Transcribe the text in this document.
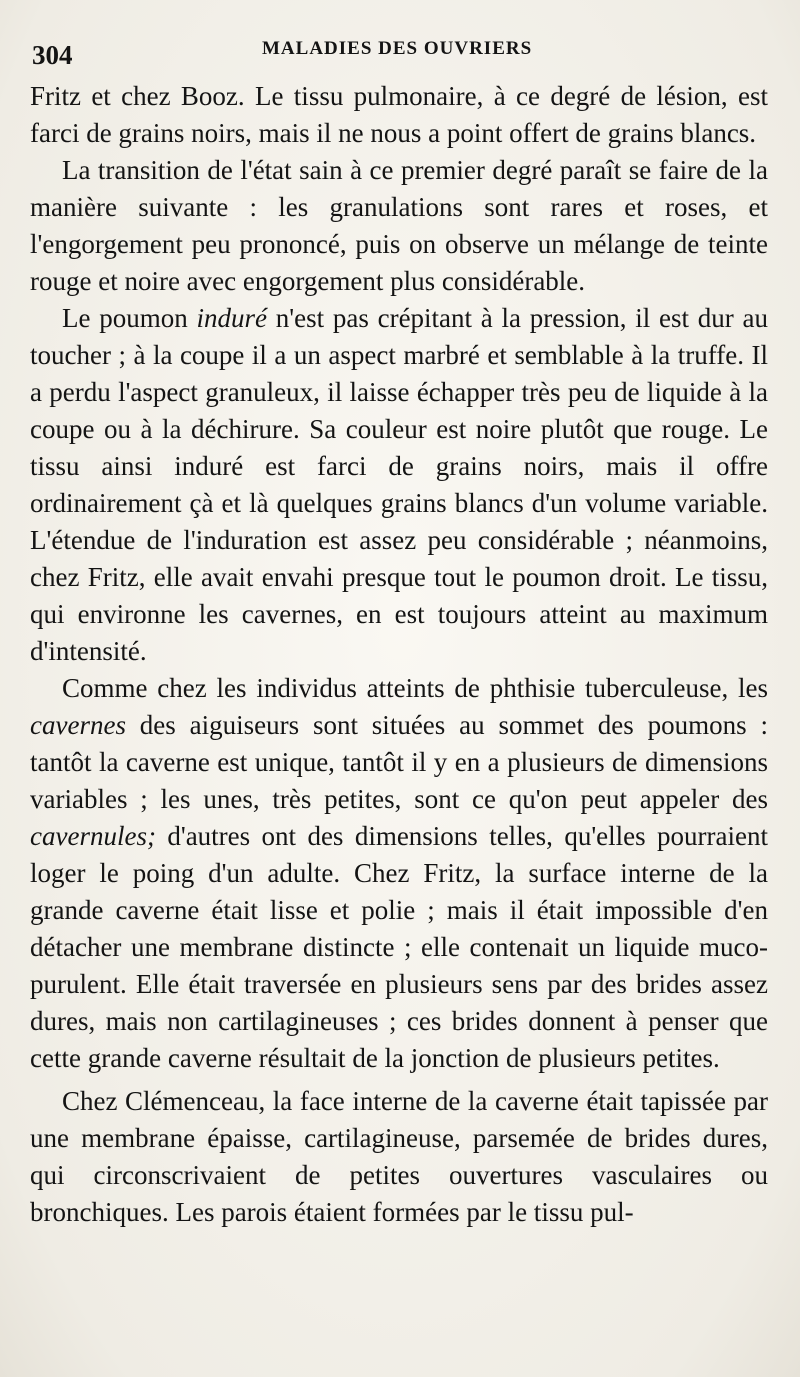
304	MALADIES DES OUVRIERS

Fritz et chez Booz. Le tissu pulmonaire, à ce degré de lésion, est farci de grains noirs, mais il ne nous a point offert de grains blancs.

La transition de l'état sain à ce premier degré paraît se faire de la manière suivante : les granulations sont rares et roses, et l'engorgement peu prononcé, puis on observe un mélange de teinte rouge et noire avec engorgement plus considérable.

Le poumon induré n'est pas crépitant à la pression, il est dur au toucher ; à la coupe il a un aspect marbré et semblable à la truffe. Il a perdu l'aspect granuleux, il laisse échapper très peu de liquide à la coupe ou à la déchirure. Sa couleur est noire plutôt que rouge. Le tissu ainsi induré est farci de grains noirs, mais il offre ordinairement çà et là quelques grains blancs d'un volume variable. L'étendue de l'induration est assez peu considérable ; néanmoins, chez Fritz, elle avait envahi presque tout le poumon droit. Le tissu, qui environne les cavernes, en est toujours atteint au maximum d'intensité.

Comme chez les individus atteints de phthisie tuberculeuse, les cavernes des aiguiseurs sont situées au sommet des poumons : tantôt la caverne est unique, tantôt il y en a plusieurs de dimensions variables ; les unes, très petites, sont ce qu'on peut appeler des cavernules; d'autres ont des dimensions telles, qu'elles pourraient loger le poing d'un adulte. Chez Fritz, la surface interne de la grande caverne était lisse et polie ; mais il était impossible d'en détacher une membrane distincte ; elle contenait un liquide muco-purulent. Elle était traversée en plusieurs sens par des brides assez dures, mais non cartilagineuses ; ces brides donnent à penser que cette grande caverne résultait de la jonction de plusieurs petites.

Chez Clémenceau, la face interne de la caverne était tapissée par une membrane épaisse, cartilagineuse, parsemée de brides dures, qui circonscrivaient de petites ouvertures vasculaires ou bronchiques. Les parois étaient formées par le tissu pul-
